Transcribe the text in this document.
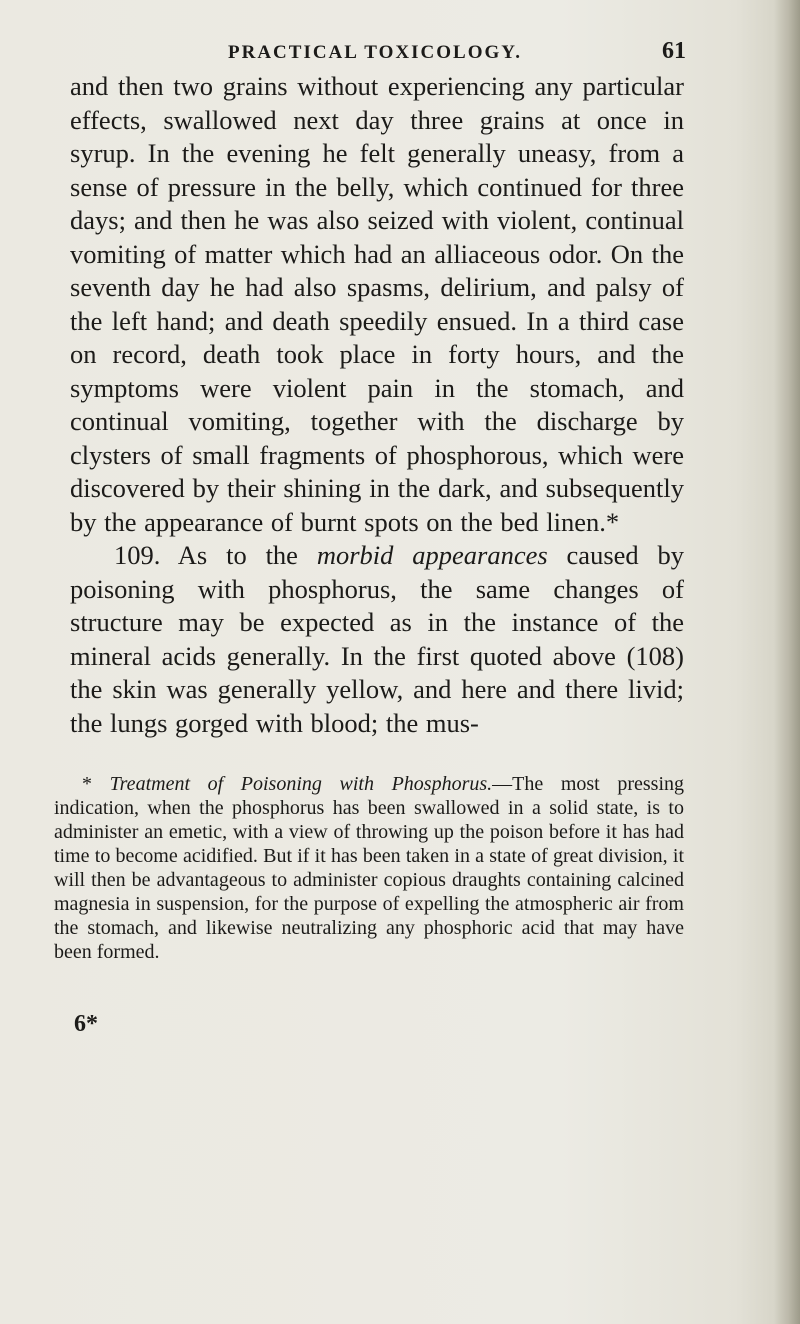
PRACTICAL TOXICOLOGY.	61

and then two grains without experiencing any particular effects, swallowed next day three grains at once in syrup. In the evening he felt generally uneasy, from a sense of pressure in the belly, which continued for three days; and then he was also seized with violent, continual vomiting of matter which had an alliaceous odor. On the seventh day he had also spasms, delirium, and palsy of the left hand; and death speedily ensued. In a third case on record, death took place in forty hours, and the symptoms were violent pain in the stomach, and continual vomiting, together with the discharge by clysters of small fragments of phosphorous, which were discovered by their shining in the dark, and subsequently by the appearance of burnt spots on the bed linen.*

109. As to the morbid appearances caused by poisoning with phosphorus, the same changes of structure may be expected as in the instance of the mineral acids generally. In the first quoted above (108) the skin was generally yellow, and here and there livid; the lungs gorged with blood; the mus-

* Treatment of Poisoning with Phosphorus.—The most pressing indication, when the phosphorus has been swallowed in a solid state, is to administer an emetic, with a view of throwing up the poison before it has had time to become acidified. But if it has been taken in a state of great division, it will then be advantageous to administer copious draughts containing calcined magnesia in suspension, for the purpose of expelling the atmospheric air from the stomach, and likewise neutralizing any phosphoric acid that may have been formed.

6*
